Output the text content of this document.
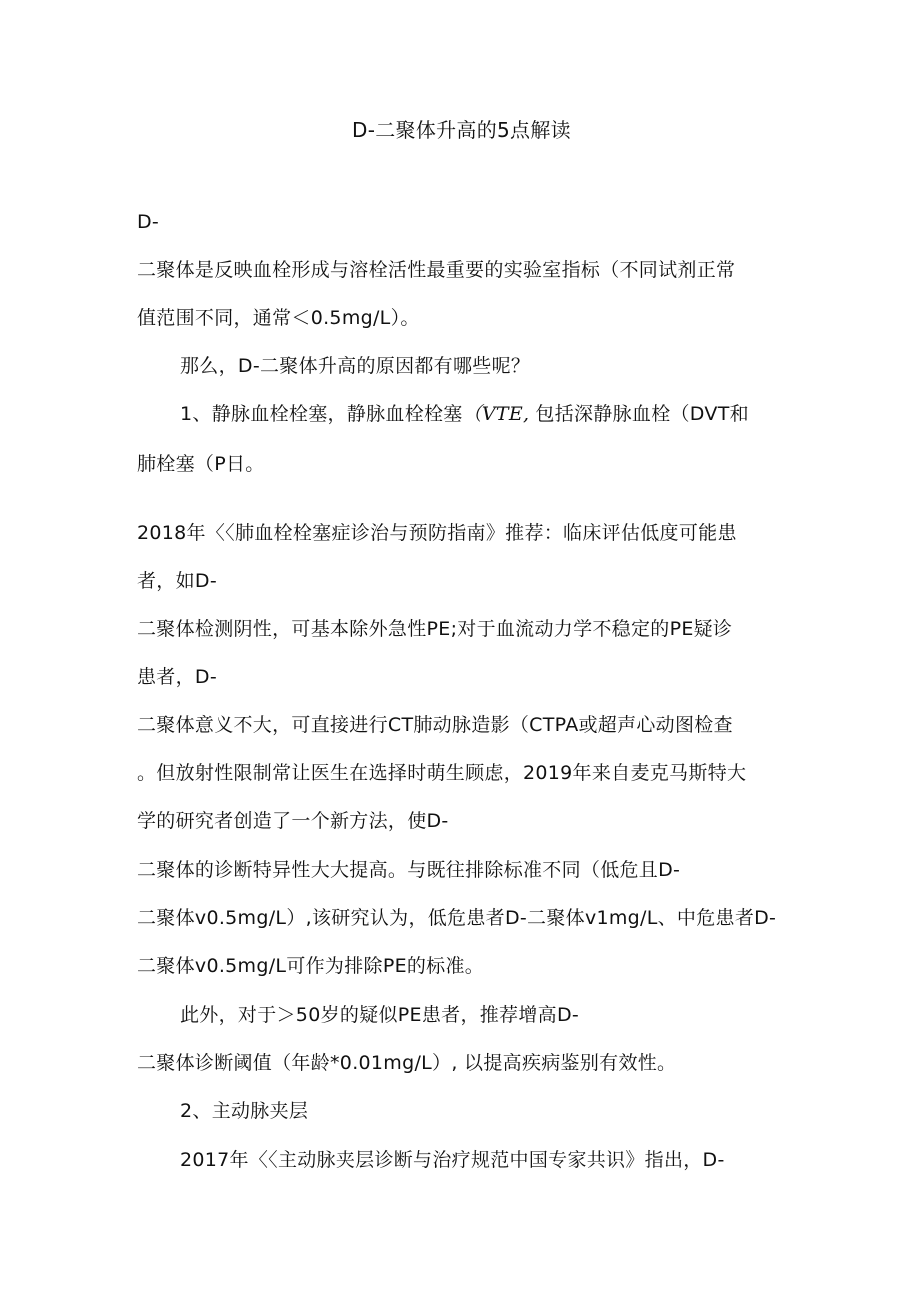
D-二聚体升高的5点解读
D-
二聚体是反映血栓形成与溶栓活性最重要的实验室指标（不同试剂正常
值范围不同，通常＜0.5mg/L）。
那么，D-二聚体升高的原因都有哪些呢？
1、静脉血栓栓塞，静脉血栓栓塞（VTE, 包括深静脉血栓（DVT和
肺栓塞（P日。
2018年〈〈肺血栓栓塞症诊治与预防指南》推荐：临床评估低度可能患
者，如D-
二聚体检测阴性，可基本除外急性PE;对于血流动力学不稳定的PE疑诊
患者，D-
二聚体意义不大，可直接进行CT肺动脉造影（CTPA或超声心动图检查
。但放射性限制常让医生在选择时萌生顾虑，2019年来自麦克马斯特大
学的研究者创造了一个新方法，使D-
二聚体的诊断特异性大大提高。与既往排除标准不同（低危且D-
二聚体v0.5mg/L）,该研究认为，低危患者D-二聚体v1mg/L、中危患者D-
二聚体v0.5mg/L可作为排除PE的标准。
此外，对于＞50岁的疑似PE患者，推荐增高D-
二聚体诊断阈值（年龄*0.01mg/L）, 以提高疾病鉴别有效性。
2、主动脉夹层
2017年〈〈主动脉夹层诊断与治疗规范中国专家共识》指出，D-
